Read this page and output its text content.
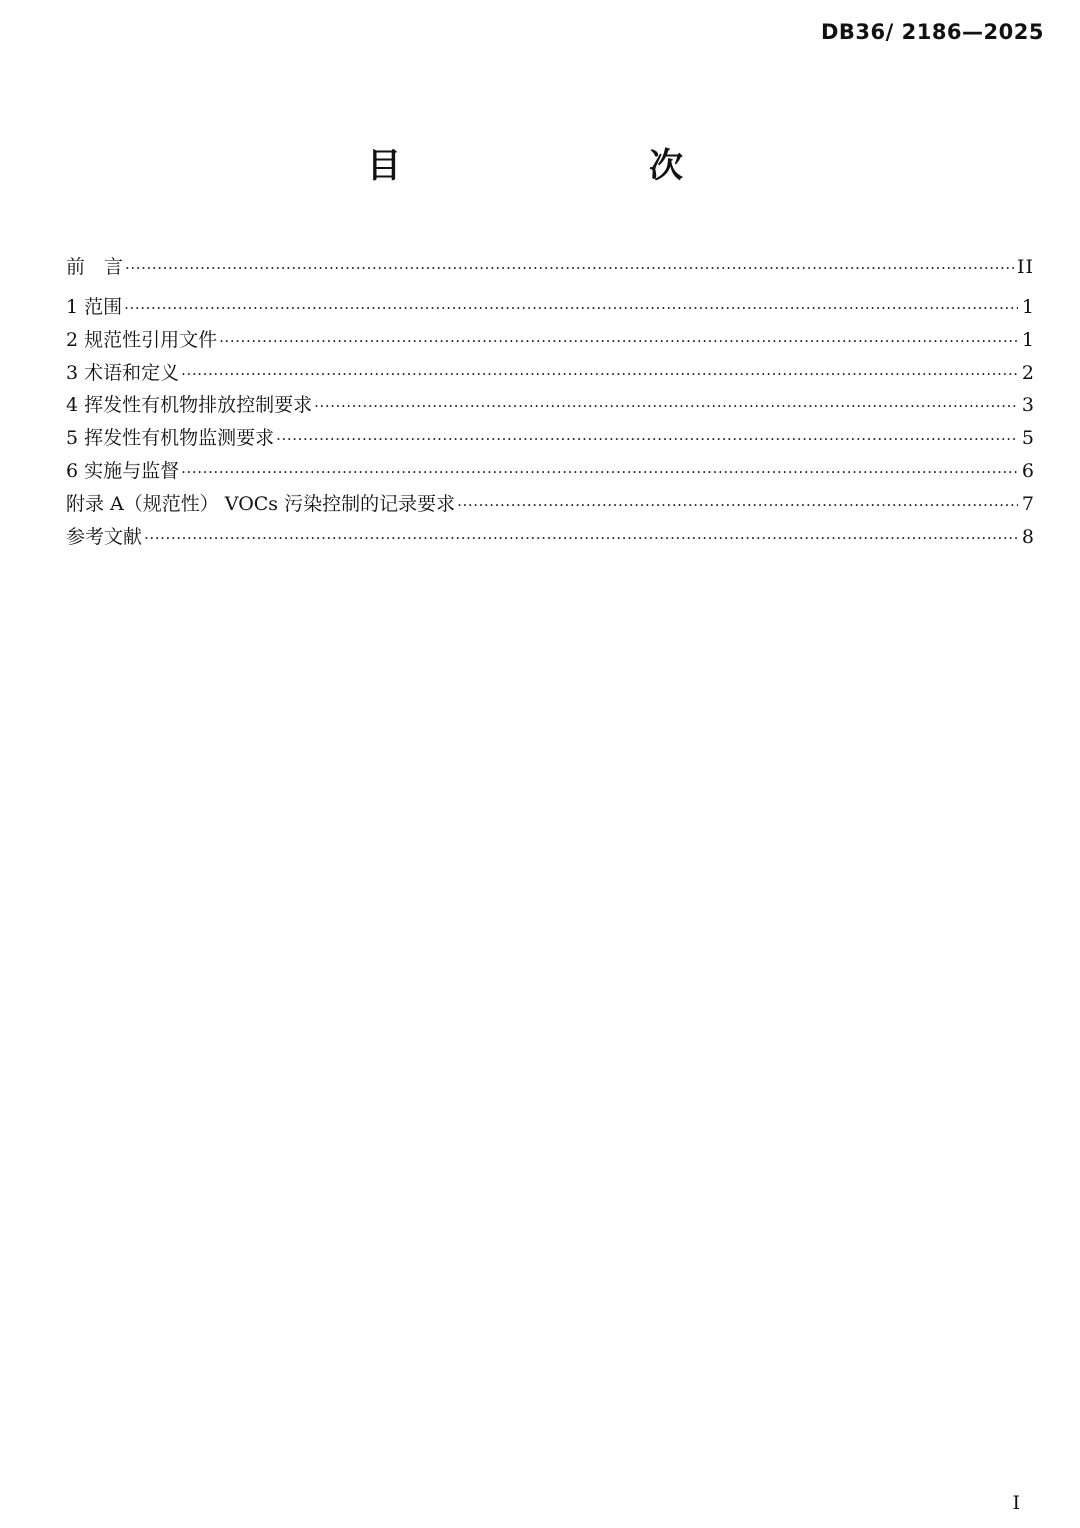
DB36/ 2186—2025
目　　次
前　言 ·····	II
1 范围 ·····	1
2 规范性引用文件 ·····	1
3 术语和定义 ·····	2
4 挥发性有机物排放控制要求 ·····	3
5 挥发性有机物监测要求 ·····	5
6 实施与监督 ·····	6
附录 A（规范性） VOCs 污染控制的记录要求 ·····	7
参考文献 ·····	8
I
